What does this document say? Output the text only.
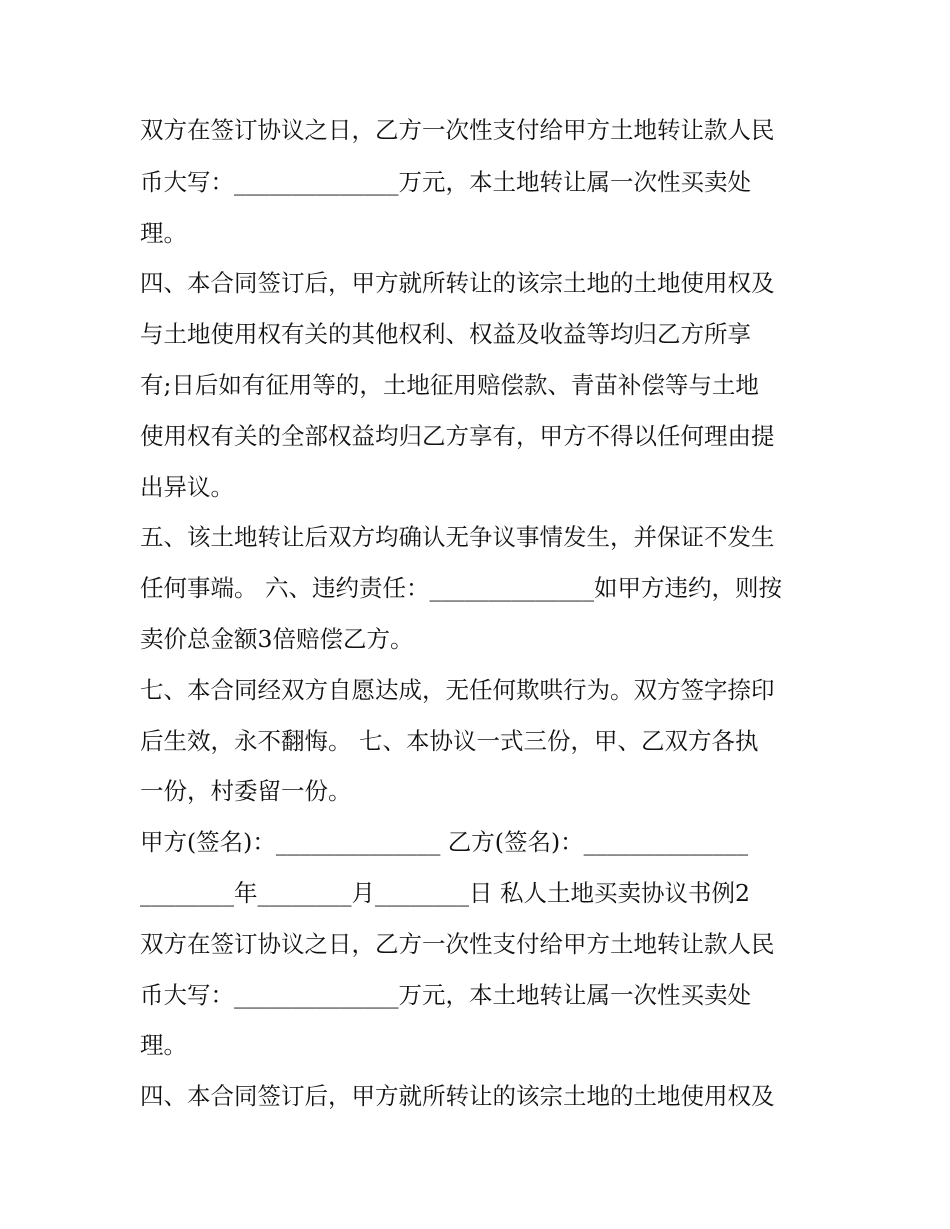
双方在签订协议之日，乙方一次性支付给甲方土地转让款人民

币大写：______________万元，本土地转让属一次性买卖处

理。

四、本合同签订后，甲方就所转让的该宗土地的土地使用权及

与土地使用权有关的其他权利、权益及收益等均归乙方所享

有;日后如有征用等的，土地征用赔偿款、青苗补偿等与土地

使用权有关的全部权益均归乙方享有，甲方不得以任何理由提

出异议。

五、该土地转让后双方均确认无争议事情发生，并保证不发生

任何事端。 六、违约责任：______________如甲方违约，则按

卖价总金额3倍赔偿乙方。

七、本合同经双方自愿达成，无任何欺哄行为。双方签字捺印

后生效，永不翻悔。 七、本协议一式三份，甲、乙双方各执

一份，村委留一份。

甲方(签名)：______________ 乙方(签名)：______________

________年________月________日 私人土地买卖协议书例2

双方在签订协议之日，乙方一次性支付给甲方土地转让款人民

币大写：______________万元，本土地转让属一次性买卖处

理。

四、本合同签订后，甲方就所转让的该宗土地的土地使用权及
